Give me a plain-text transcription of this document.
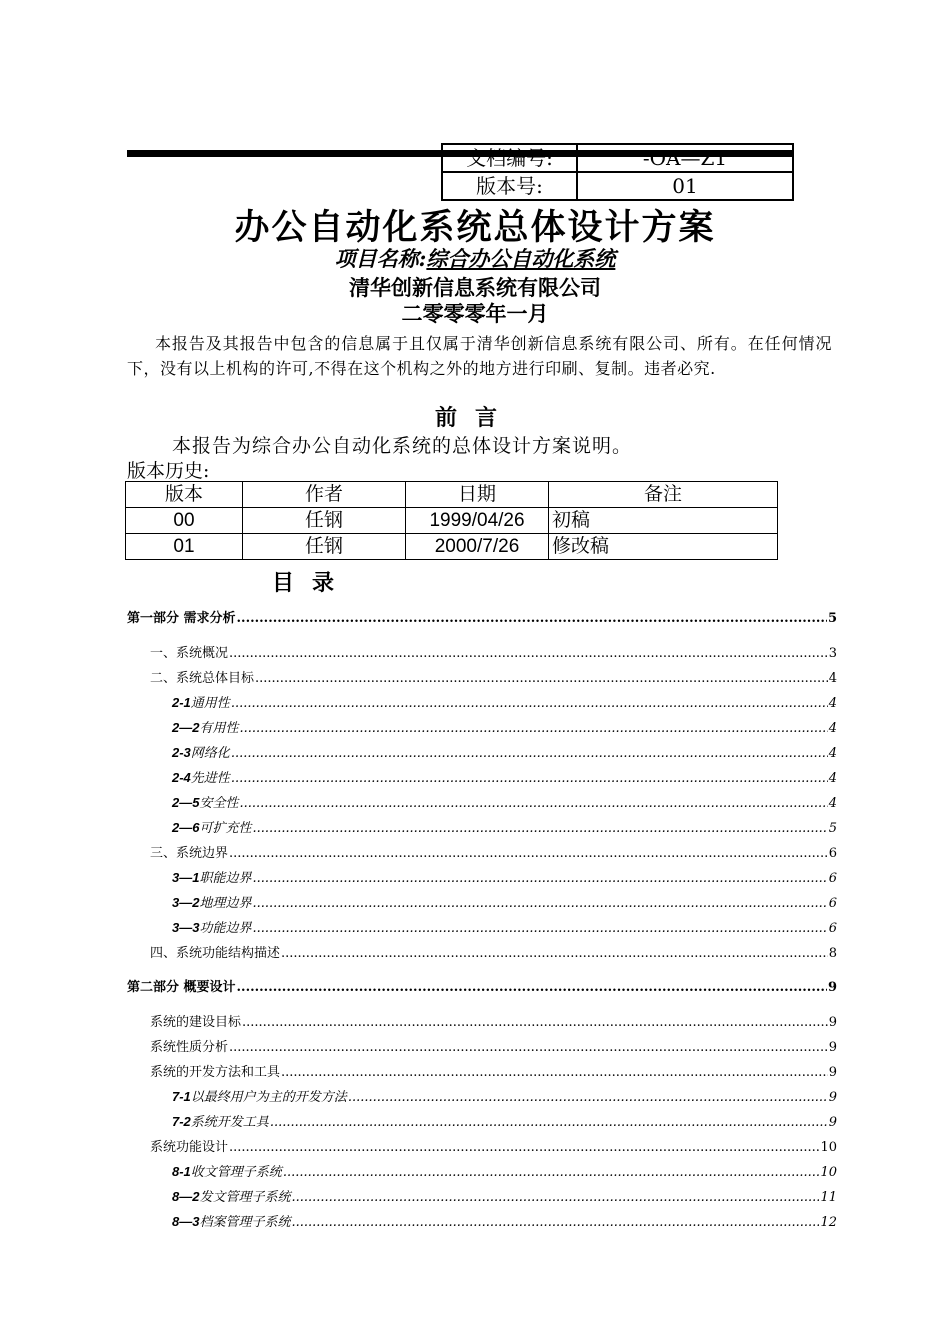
文档编号:	-OA—Z1
版本号:	01
办公自动化系统总体设计方案
项目名称:综合办公自动化系统
清华创新信息系统有限公司
二零零零年一月
本报告及其报告中包含的信息属于且仅属于清华创新信息系统有限公司、所有。在任何情况下，没有以上机构的许可,不得在这个机构之外的地方进行印刷、复制。违者必究.
前言
本报告为综合办公自动化系统的总体设计方案说明。
版本历史:
版本	作者	日期	备注
00	任钢	1999/04/26	初稿
01	任钢	2000/7/26	修改稿
目录
第一部分 需求分析 .....	5
一、系统概况 .....	3
二、系统总体目标 .....	4
2-1通用性 .....	4
2—2有用性 .....	4
2-3网络化 .....	4
2-4先进性 .....	4
2—5安全性 .....	4
2—6可扩充性 .....	5
三、系统边界 .....	6
3—1职能边界 .....	6
3—2地理边界 .....	6
3—3功能边界 .....	6
四、系统功能结构描述 .....	8
第二部分 概要设计 .....	9
系统的建设目标 .....	9
系统性质分析 .....	9
系统的开发方法和工具 .....	9
7-1以最终用户为主的开发方法 .....	9
7-2系统开发工具 .....	9
系统功能设计 .....	10
8-1收文管理子系统 .....	10
8—2发文管理子系统 .....	11
8—3档案管理子系统 .....	12
